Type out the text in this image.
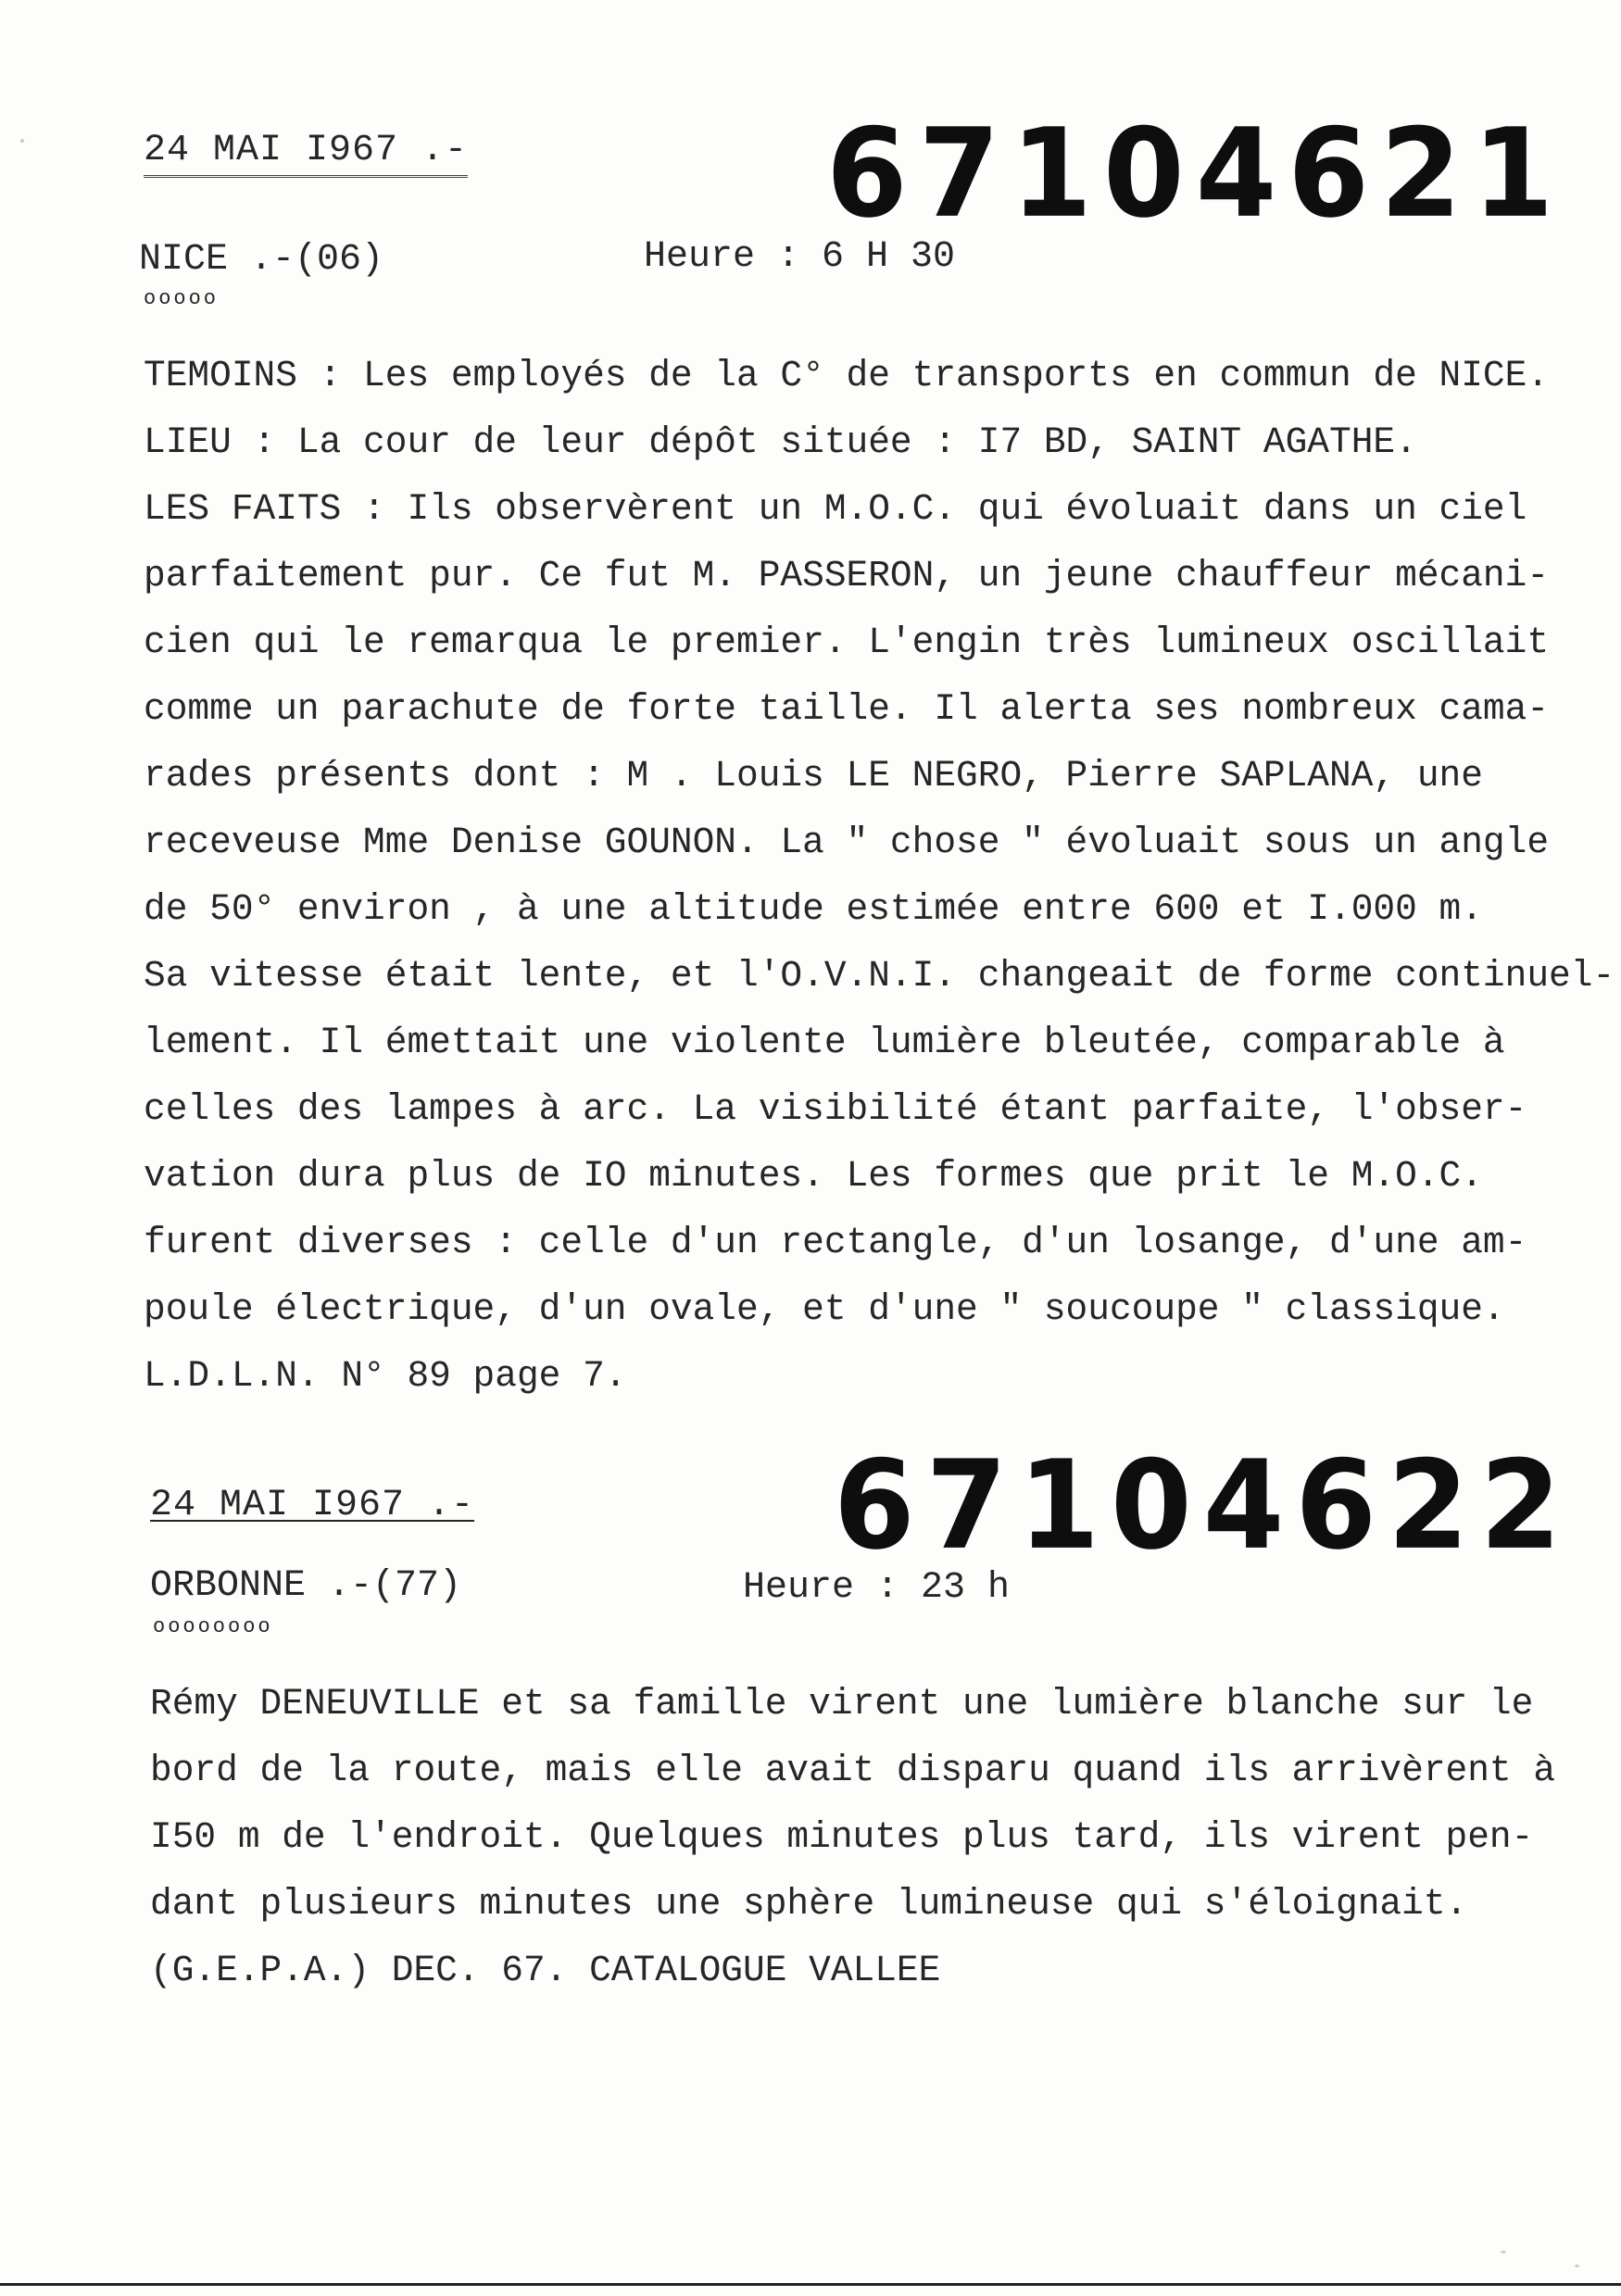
24 MAI I967 .-	67104621
NICE .-(06)
ooooo
Heure : 6 H 30
TEMOINS : Les employés de la C° de transports en commun de NICE.
LIEU : La cour de leur dépôt située : I7 BD, SAINT AGATHE.
LES FAITS : Ils observèrent un M.O.C. qui évoluait dans un ciel
parfaitement pur. Ce fut M. PASSERON, un jeune chauffeur mécani-
cien qui le remarqua le premier. L'engin très lumineux oscillait
comme un parachute de forte taille. Il alerta ses nombreux cama-
rades présents dont : M . Louis LE NEGRO, Pierre SAPLANA, une
receveuse Mme Denise GOUNON. La " chose " évoluait sous un angle
de 50° environ , à une altitude estimée entre 600 et I.000 m.
Sa vitesse était lente, et l'O.V.N.I. changeait de forme continuel-
lement. Il émettait une violente lumière bleutée, comparable à
celles des lampes à arc. La visibilité étant parfaite, l'obser-
vation dura plus de IO minutes. Les formes que prit le M.O.C.
furent diverses : celle d'un rectangle, d'un losange, d'une am-
poule électrique, d'un ovale, et d'une " soucoupe " classique.
L.D.L.N. N° 89 page 7.
24 MAI I967 .-	67104622
ORBONNE .-(77)
oooooooo
Heure : 23 h
Rémy DENEUVILLE et sa famille virent une lumière blanche sur le
bord de la route, mais elle avait disparu quand ils arrivèrent à
I50 m de l'endroit. Quelques minutes plus tard, ils virent pen-
dant plusieurs minutes une sphère lumineuse qui s'éloignait.
(G.E.P.A.) DEC. 67. CATALOGUE VALLEE
